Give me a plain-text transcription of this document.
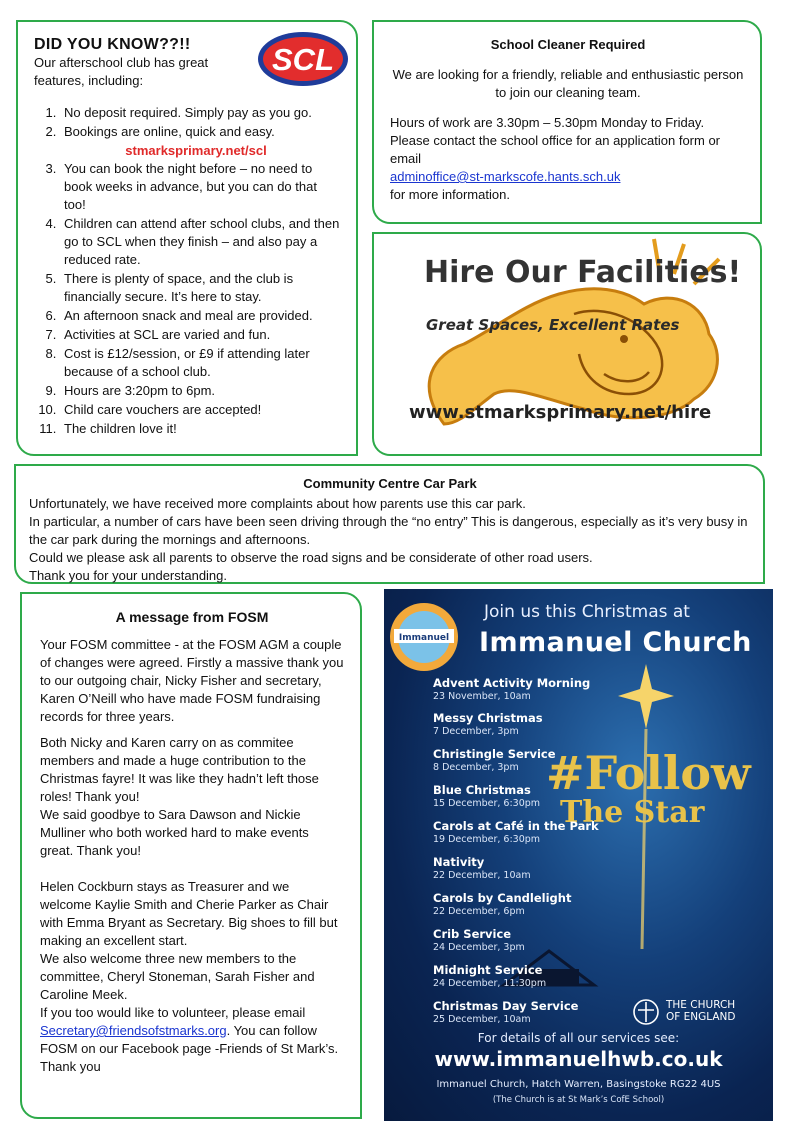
DID YOU KNOW??!!	SCL
Our afterschool club has great features, including:
1. No deposit required. Simply pay as you go.
2. Bookings are online, quick and easy.
stmarksprimary.net/scl
3. You can book the night before – no need to book weeks in advance, but you can do that too!
4. Children can attend after school clubs, and then go to SCL when they finish – and also pay a reduced rate.
5. There is plenty of space, and the club is financially secure. It’s here to stay.
6. An afternoon snack and meal are provided.
7. Activities at SCL are varied and fun.
8. Cost is £12/session, or £9 if attending later because of a school club.
9. Hours are 3:20pm to 6pm.
10. Child care vouchers are accepted!
11. The children love it!
School Cleaner Required
We are looking for a friendly, reliable and enthusiastic person to join our cleaning team.
Hours of work are 3.30pm – 5.30pm Monday to Friday. Please contact the school office for an application form or email
adminoffice@st-markscofe.hants.sch.uk
for more information.
Hire Our Facilities!
Great Spaces, Excellent Rates
www.stmarksprimary.net/hire
Community Centre Car Park
Unfortunately, we have received more complaints about how parents use this car park.
In particular, a number of cars have been seen driving through the “no entry” This is dangerous, especially as it’s very busy in the car park during the mornings and afternoons.
Could we please ask all parents to observe the road signs and be considerate of other road users.
Thank you for your understanding.
A message from FOSM

Your FOSM committee - at the FOSM AGM a couple of changes were agreed. Firstly a massive thank you to our outgoing chair, Nicky Fisher and secretary, Karen O’Neill who have made FOSM fundraising records for three years.

Both Nicky and Karen carry on as commitee members and made a huge contribution to the Christmas fayre! It was like they hadn’t left those roles! Thank you!

We said goodbye to Sara Dawson and Nickie Mulliner who both worked hard to make events great. Thank you!

Helen Cockburn stays as Treasurer and we welcome Kaylie Smith and Cherie Parker as Chair with Emma Bryant as Secretary. Big shoes to fill but making an excellent start.

We also welcome three new members to the committee, Cheryl Stoneman, Sarah Fisher and Caroline Meek.

If you too would like to volunteer, please email Secretary@friendsofstmarks.org. You can follow FOSM on our Facebook page -Friends of St Mark’s. Thank you

Immanuel
Join us this Christmas at
Immanuel Church
#Follow
The Star
Advent Activity Morning
23 November, 10am
Messy Christmas
7 December, 3pm
Christingle Service
8 December, 3pm
Blue Christmas
15 December, 6:30pm
Carols at Café in the Park
19 December, 6:30pm
Nativity
22 December, 10am
Carols by Candlelight
22 December, 6pm
Crib Service
24 December, 3pm
Midnight Service
24 December, 11:30pm
Christmas Day Service
25 December, 10am
THE CHURCH
OF ENGLAND
For details of all our services see:
www.immanuelhwb.co.uk
Immanuel Church, Hatch Warren, Basingstoke RG22 4US
(The Church is at St Mark’s CofE School)
